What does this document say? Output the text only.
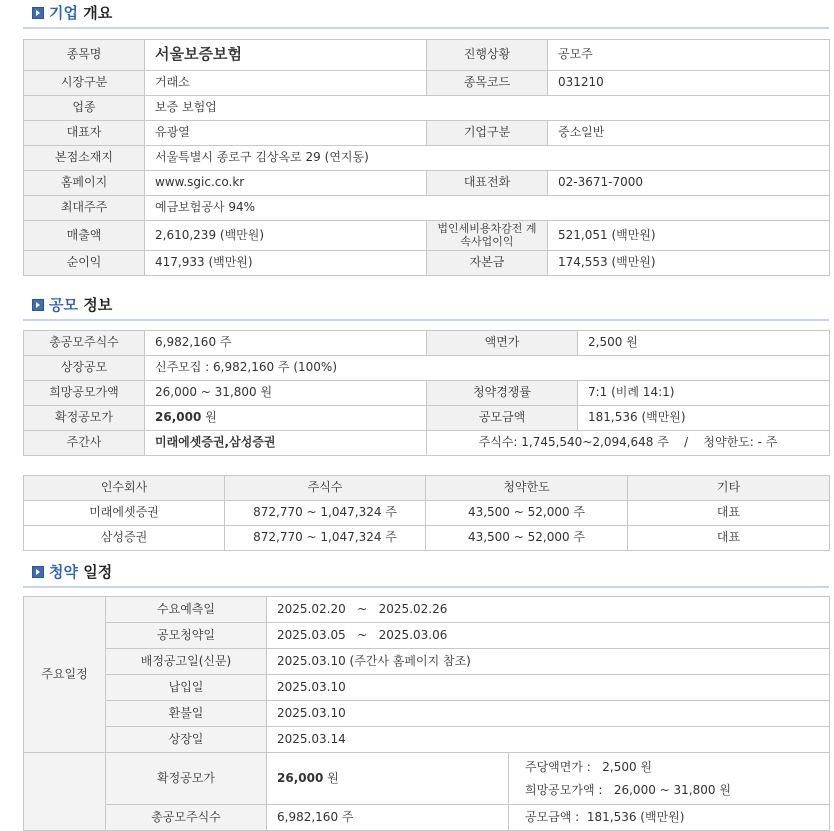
기업 개요
종목명	서울보증보험	진행상황	공모주
시장구분	거래소	종목코드	031210
업종	보증 보험업		
대표자	유광열	기업구분	중소일반
본점소재지	서울특별시 종로구 김상옥로 29 (연지동)		
홈페이지	www.sgic.co.kr	대표전화	02-3671-7000
최대주주	예금보험공사 94%		
매출액	2,610,239 (백만원)	법인세비용차감전 계속사업이익	521,051 (백만원)
순이익	417,933 (백만원)	자본금	174,553 (백만원)
공모 정보
총공모주식수	6,982,160 주	액면가	2,500 원
상장공모	신주모집 : 6,982,160 주 (100%)		
희망공모가액	26,000 ~ 31,800 원	청약경쟁률	7:1 (비례 14:1)
확정공모가	26,000 원	공모금액	181,536 (백만원)
주간사	미래에셋증권,삼성증권	주식수: 1,745,540~2,094,648 주    /    청약한도: - 주	
인수회사	주식수	청약한도	기타
미래에셋증권	872,770 ~ 1,047,324 주	43,500 ~ 52,000 주	대표
삼성증권	872,770 ~ 1,047,324 주	43,500 ~ 52,000 주	대표
청약 일정
주요일정	수요예측일	2025.02.20   ~   2025.02.26
	공모청약일	2025.03.05   ~   2025.03.06
	배정공고일(신문)	2025.03.10 (주간사 홈페이지 참조)
	납입일	2025.03.10
	환불일	2025.03.10
	상장일	2025.03.14
	확정공모가	26,000 원	주당액면가 :   2,500 원
희망공모가액 :   26,000 ~ 31,800 원

	총공모주식수	6,982,160 주	공모금액 :  181,536 (백만원)
